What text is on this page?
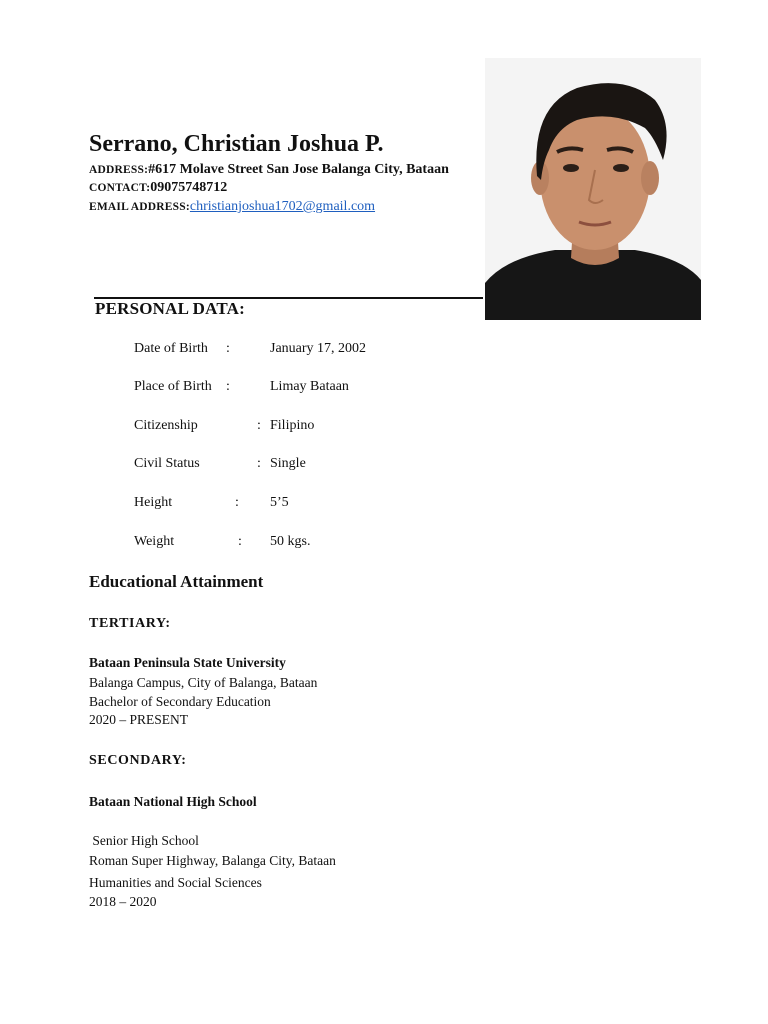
Serrano, Christian Joshua P.
ADDRESS:#617 Molave Street San Jose Balanga City, Bataan
CONTACT:09075748712
EMAIL ADDRESS:christianjoshua1702@gmail.com
PERSONAL DATA:
Date of Birth :	January 17, 2002
Place of Birth :	Limay Bataan
Citizenship	: Filipino
Civil Status	: Single
Height	: 5’5
Weight	: 50 kgs.
Educational Attainment
TERTIARY:
Bataan Peninsula State University
Balanga Campus, City of Balanga, Bataan
Bachelor of Secondary Education
2020 – PRESENT
SECONDARY:
Bataan National High School
Senior High School
Roman Super Highway, Balanga City, Bataan
Humanities and Social Sciences
2018 – 2020
